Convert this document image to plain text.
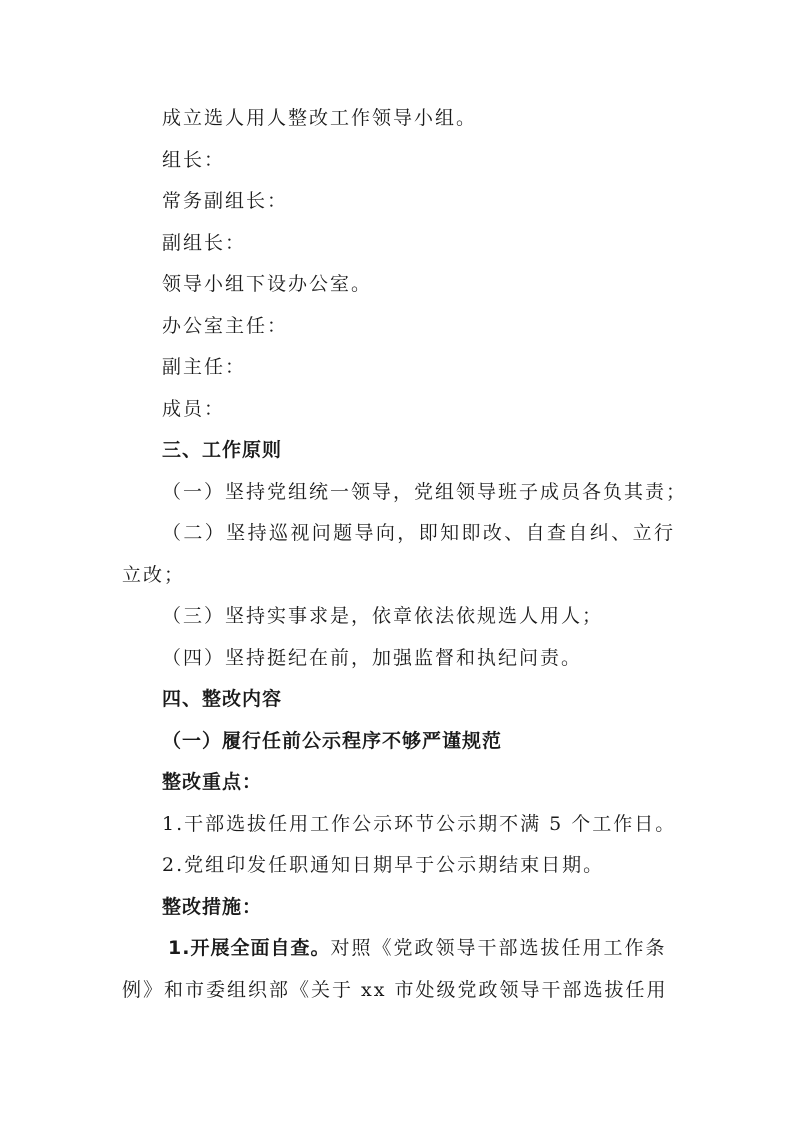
成立选人用人整改工作领导小组。
组长：
常务副组长：
副组长：
领导小组下设办公室。
办公室主任：
副主任：
成员：
三、工作原则
（一）坚持党组统一领导，党组领导班子成员各负其责；
（二）坚持巡视问题导向，即知即改、自查自纠、立行
立改；
（三）坚持实事求是，依章依法依规选人用人；
（四）坚持挺纪在前，加强监督和执纪问责。
四、整改内容
（一）履行任前公示程序不够严谨规范
整改重点：
1.干部选拔任用工作公示环节公示期不满 5 个工作日。
2.党组印发任职通知日期早于公示期结束日期。
整改措施：
1.开展全面自查。对照《党政领导干部选拔任用工作条
例》和市委组织部《关于 xx 市处级党政领导干部选拔任用
